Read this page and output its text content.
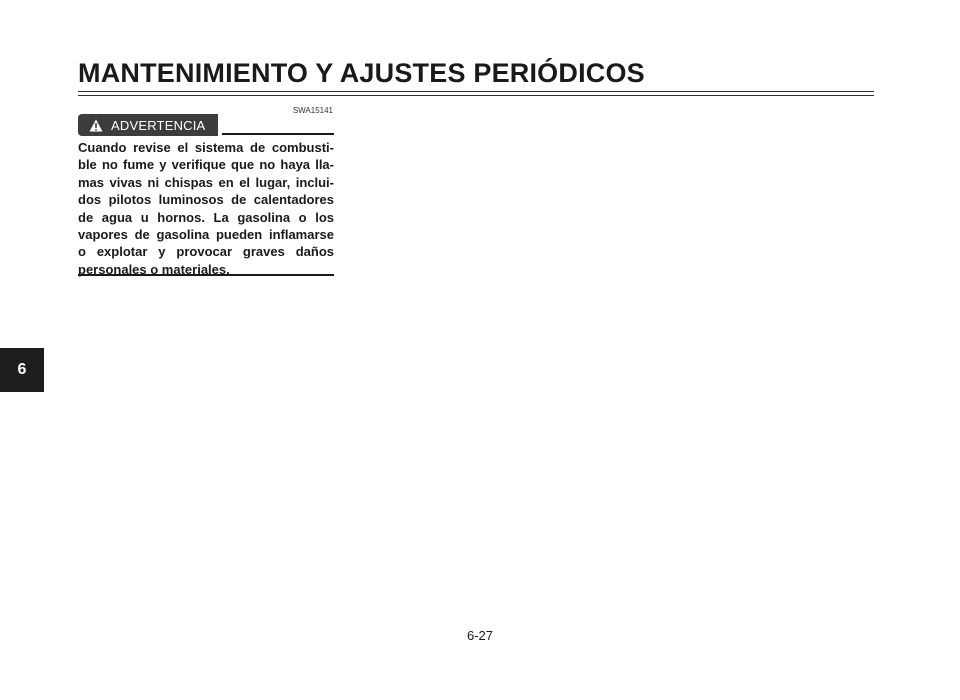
MANTENIMIENTO Y AJUSTES PERIÓDICOS
SWA15141
ADVERTENCIA
Cuando revise el sistema de combusti-
ble no fume y verifique que no haya lla-
mas vivas ni chispas en el lugar, inclui-
dos pilotos luminosos de calentadores
de agua u hornos. La gasolina o los
vapores de gasolina pueden inflamarse
o explotar y provocar graves daños
personales o materiales.
6
6-27
